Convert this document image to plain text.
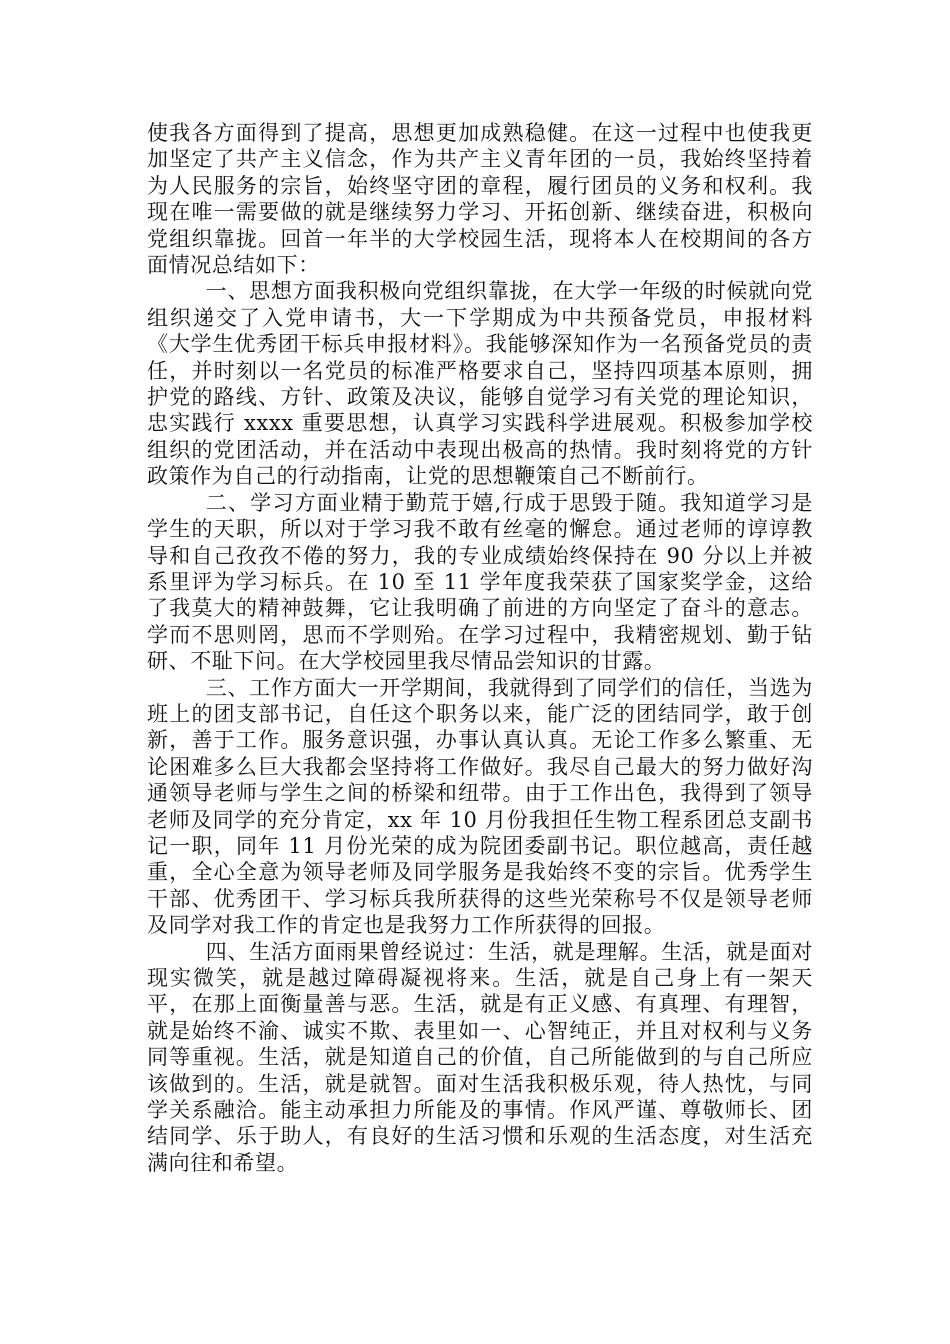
使我各方面得到了提高，思想更加成熟稳健。在这一过程中也使我更加坚定了共产主义信念，作为共产主义青年团的一员，我始终坚持着为人民服务的宗旨，始终坚守团的章程，履行团员的义务和权利。我现在唯一需要做的就是继续努力学习、开拓创新、继续奋进，积极向党组织靠拢。回首一年半的大学校园生活，现将本人在校期间的各方面情况总结如下：

一、思想方面我积极向党组织靠拢，在大学一年级的时候就向党组织递交了入党申请书，大一下学期成为中共预备党员，申报材料《大学生优秀团干标兵申报材料》。我能够深知作为一名预备党员的责任，并时刻以一名党员的标准严格要求自己，坚持四项基本原则，拥护党的路线、方针、政策及决议，能够自觉学习有关党的理论知识，忠实践行 xxxx 重要思想，认真学习实践科学进展观。积极参加学校组织的党团活动，并在活动中表现出极高的热情。我时刻将党的方针政策作为自己的行动指南，让党的思想鞭策自己不断前行。

二、学习方面业精于勤荒于嬉,行成于思毁于随。我知道学习是学生的天职，所以对于学习我不敢有丝毫的懈怠。通过老师的谆谆教导和自己孜孜不倦的努力，我的专业成绩始终保持在 90 分以上并被系里评为学习标兵。在 10 至 11 学年度我荣获了国家奖学金，这给了我莫大的精神鼓舞，它让我明确了前进的方向坚定了奋斗的意志。学而不思则罔，思而不学则殆。在学习过程中，我精密规划、勤于钻研、不耻下问。在大学校园里我尽情品尝知识的甘露。

三、工作方面大一开学期间，我就得到了同学们的信任，当选为班上的团支部书记，自任这个职务以来，能广泛的团结同学，敢于创新，善于工作。服务意识强，办事认真认真。无论工作多么繁重、无论困难多么巨大我都会坚持将工作做好。我尽自己最大的努力做好沟通领导老师与学生之间的桥梁和纽带。由于工作出色，我得到了领导老师及同学的充分肯定，xx 年 10 月份我担任生物工程系团总支副书记一职，同年 11 月份光荣的成为院团委副书记。职位越高，责任越重，全心全意为领导老师及同学服务是我始终不变的宗旨。优秀学生干部、优秀团干、学习标兵我所获得的这些光荣称号不仅是领导老师及同学对我工作的肯定也是我努力工作所获得的回报。

四、生活方面雨果曾经说过：生活，就是理解。生活，就是面对现实微笑，就是越过障碍凝视将来。生活，就是自己身上有一架天平，在那上面衡量善与恶。生活，就是有正义感、有真理、有理智，就是始终不渝、诚实不欺、表里如一、心智纯正，并且对权利与义务同等重视。生活，就是知道自己的价值，自己所能做到的与自己所应该做到的。生活，就是就智。面对生活我积极乐观，待人热忱，与同学关系融洽。能主动承担力所能及的事情。作风严谨、尊敬师长、团结同学、乐于助人，有良好的生活习惯和乐观的生活态度，对生活充满向往和希望。
